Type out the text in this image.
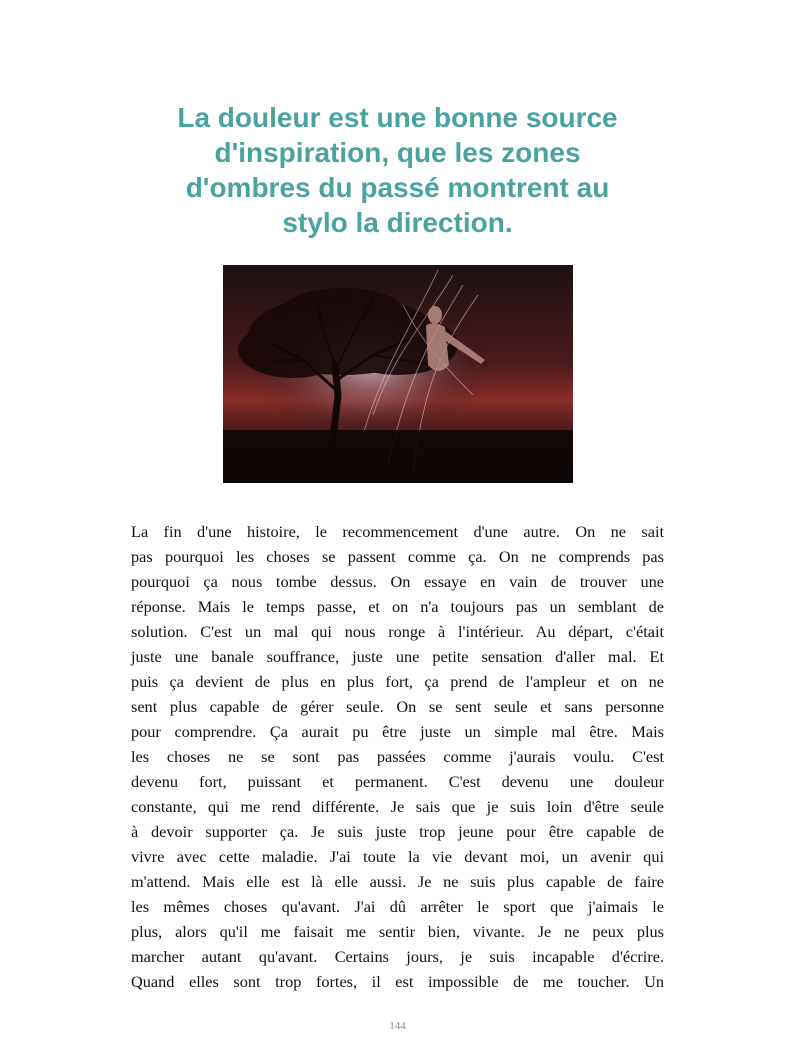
La douleur est une bonne source
d'inspiration, que les zones
d'ombres du passé montrent au
stylo la direction.
La fin d'une histoire, le recommencement d'une autre. On ne sait
pas pourquoi les choses se passent comme ça. On ne comprends pas
pourquoi ça nous tombe dessus. On essaye en vain de trouver une
réponse. Mais le temps passe, et on n'a toujours pas un semblant de
solution. C'est un mal qui nous ronge à l'intérieur. Au départ, c'était
juste une banale souffrance, juste une petite sensation d'aller mal. Et
puis ça devient de plus en plus fort, ça prend de l'ampleur et on ne
sent plus capable de gérer seule. On se sent seule et sans personne
pour comprendre. Ça aurait pu être juste un simple mal être. Mais
les choses ne se sont pas passées comme j'aurais voulu. C'est
devenu fort, puissant et permanent. C'est devenu une douleur
constante, qui me rend différente. Je sais que je suis loin d'être seule
à devoir supporter ça. Je suis juste trop jeune pour être capable de
vivre avec cette maladie. J'ai toute la vie devant moi, un avenir qui
m'attend. Mais elle est là elle aussi. Je ne suis plus capable de faire
les mêmes choses qu'avant. J'ai dû arrêter le sport que j'aimais le
plus, alors qu'il me faisait me sentir bien, vivante. Je ne peux plus
marcher autant qu'avant. Certains jours, je suis incapable d'écrire.
Quand elles sont trop fortes, il est impossible de me toucher. Un
144
